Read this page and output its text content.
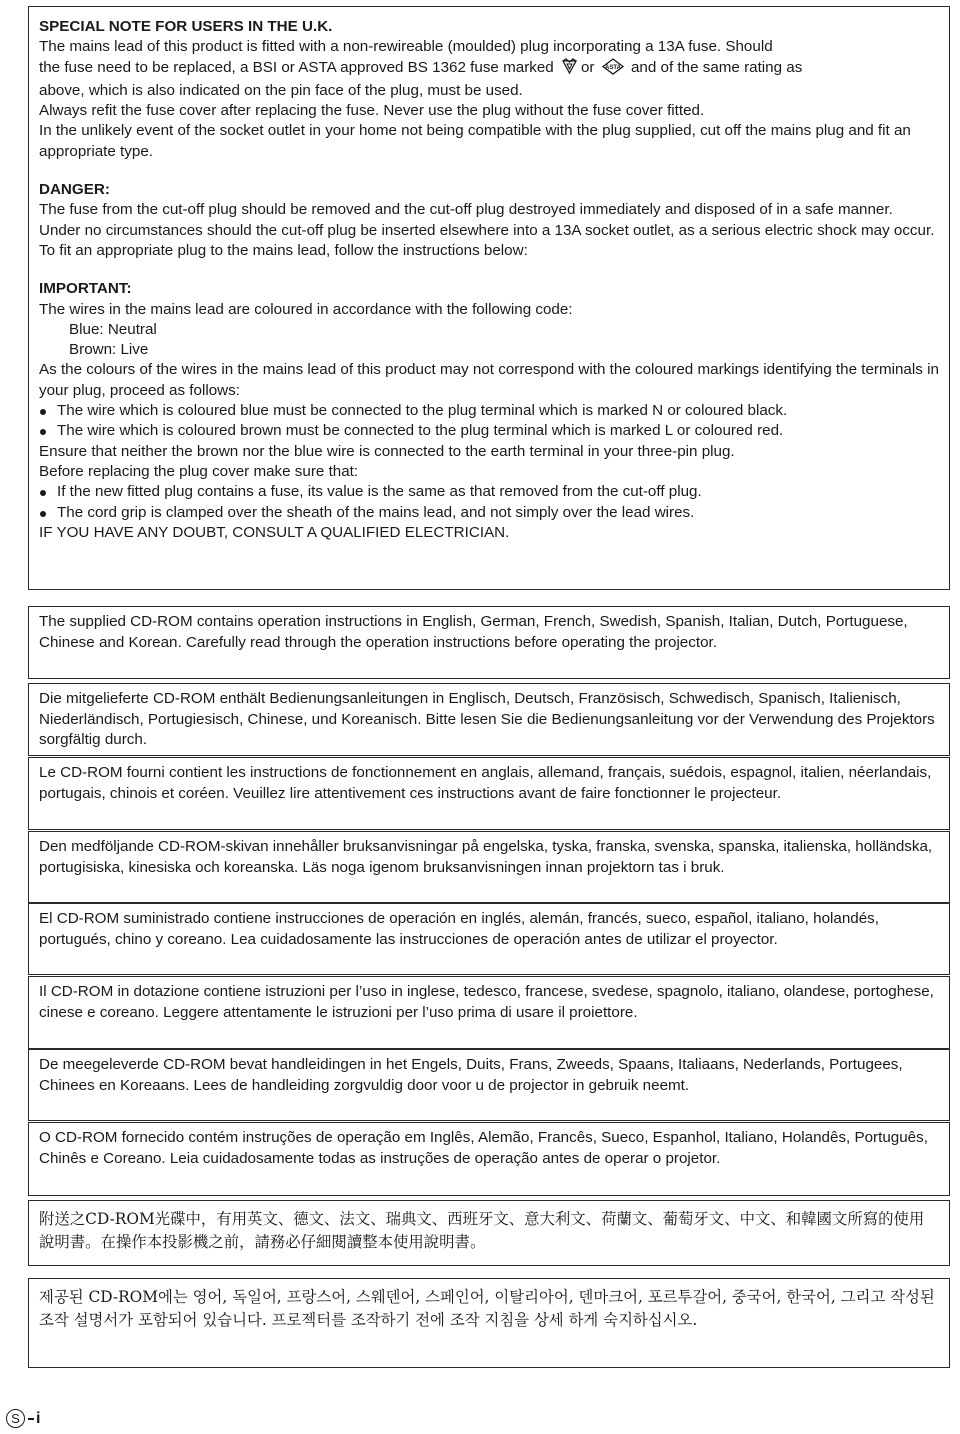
SPECIAL NOTE FOR USERS IN THE U.K.

The mains lead of this product is fitted with a non-rewireable (moulded) plug incorporating a 13A fuse. Should
the fuse need to be replaced, a BSI or ASTA approved BS 1362 fuse marked or ASTA and of the same rating as
above, which is also indicated on the pin face of the plug, must be used.

Always refit the fuse cover after replacing the fuse. Never use the plug without the fuse cover fitted.

In the unlikely event of the socket outlet in your home not being compatible with the plug supplied, cut off the mains plug and fit an appropriate type.

DANGER:

The fuse from the cut-off plug should be removed and the cut-off plug destroyed immediately and disposed of in a safe manner.

Under no circumstances should the cut-off plug be inserted elsewhere into a 13A socket outlet, as a serious electric shock may occur.

To fit an appropriate plug to the mains lead, follow the instructions below:

IMPORTANT:

The wires in the mains lead are coloured in accordance with the following code:

Blue: Neutral
Brown: Live

As the colours of the wires in the mains lead of this product may not correspond with the coloured markings identifying the terminals in your plug, proceed as follows:

The wire which is coloured blue must be connected to the plug terminal which is marked N or coloured black.
The wire which is coloured brown must be connected to the plug terminal which is marked L or coloured red.

Ensure that neither the brown nor the blue wire is connected to the earth terminal in your three-pin plug.

Before replacing the plug cover make sure that:

If the new fitted plug contains a fuse, its value is the same as that removed from the cut-off plug.
The cord grip is clamped over the sheath of the mains lead, and not simply over the lead wires.

IF YOU HAVE ANY DOUBT, CONSULT A QUALIFIED ELECTRICIAN.

The supplied CD-ROM contains operation instructions in English, German, French, Swedish, Spanish, Italian, Dutch, Portuguese, Chinese and Korean. Carefully read through the operation instructions before operating the projector.
Die mitgelieferte CD-ROM enthält Bedienungsanleitungen in Englisch, Deutsch, Französisch, Schwedisch, Spanisch, Italienisch, Niederländisch, Portugiesisch, Chinese, und Koreanisch. Bitte lesen Sie die Bedienungsanleitung vor der Verwendung des Projektors sorgfältig durch.
Le CD-ROM fourni contient les instructions de fonctionnement en anglais, allemand, français, suédois, espagnol, italien, néerlandais, portugais, chinois et coréen. Veuillez lire attentivement ces instructions avant de faire fonctionner le projecteur.
Den medföljande CD-ROM-skivan innehåller bruksanvisningar på engelska, tyska, franska, svenska, spanska, italienska, holländska, portugisiska, kinesiska och koreanska. Läs noga igenom bruksanvisningen innan projektorn tas i bruk.
El CD-ROM suministrado contiene instrucciones de operación en inglés, alemán, francés, sueco, español, italiano, holandés, portugués, chino y coreano. Lea cuidadosamente las instrucciones de operación antes de utilizar el proyector.
Il CD-ROM in dotazione contiene istruzioni per l’uso in inglese, tedesco, francese, svedese, spagnolo, italiano, olandese, portoghese, cinese e coreano. Leggere attentamente le istruzioni per l’uso prima di usare il proiettore.
De meegeleverde CD-ROM bevat handleidingen in het Engels, Duits, Frans, Zweeds, Spaans, Italiaans, Nederlands, Portugees, Chinees en Koreaans. Lees de handleiding zorgvuldig door voor u de projector in gebruik neemt.
O CD-ROM fornecido contém instruções de operação em Inglês, Alemão, Francês, Sueco, Espanhol, Italiano, Holandês, Português, Chinês e Coreano. Leia cuidadosamente todas as instruções de operação antes de operar o projetor.
附送之CD-ROM光碟中，有用英文、德文、法文、瑞典文、西班牙文、意大利文、荷蘭文、葡萄牙文、中文、和韓國文所寫的使用說明書。在操作本投影機之前，請務必仔細閱讀整本使用說明書。
제공된 CD-ROM에는 영어, 독일어, 프랑스어, 스웨덴어, 스페인어, 이탈리아어, 덴마크어, 포르투갈어, 중국어, 한국어, 그리고 작성된 조작 설명서가 포함되어 있습니다. 프로젝터를 조작하기 전에 조작 지침을 상세 하게 숙지하십시오.
S	i
